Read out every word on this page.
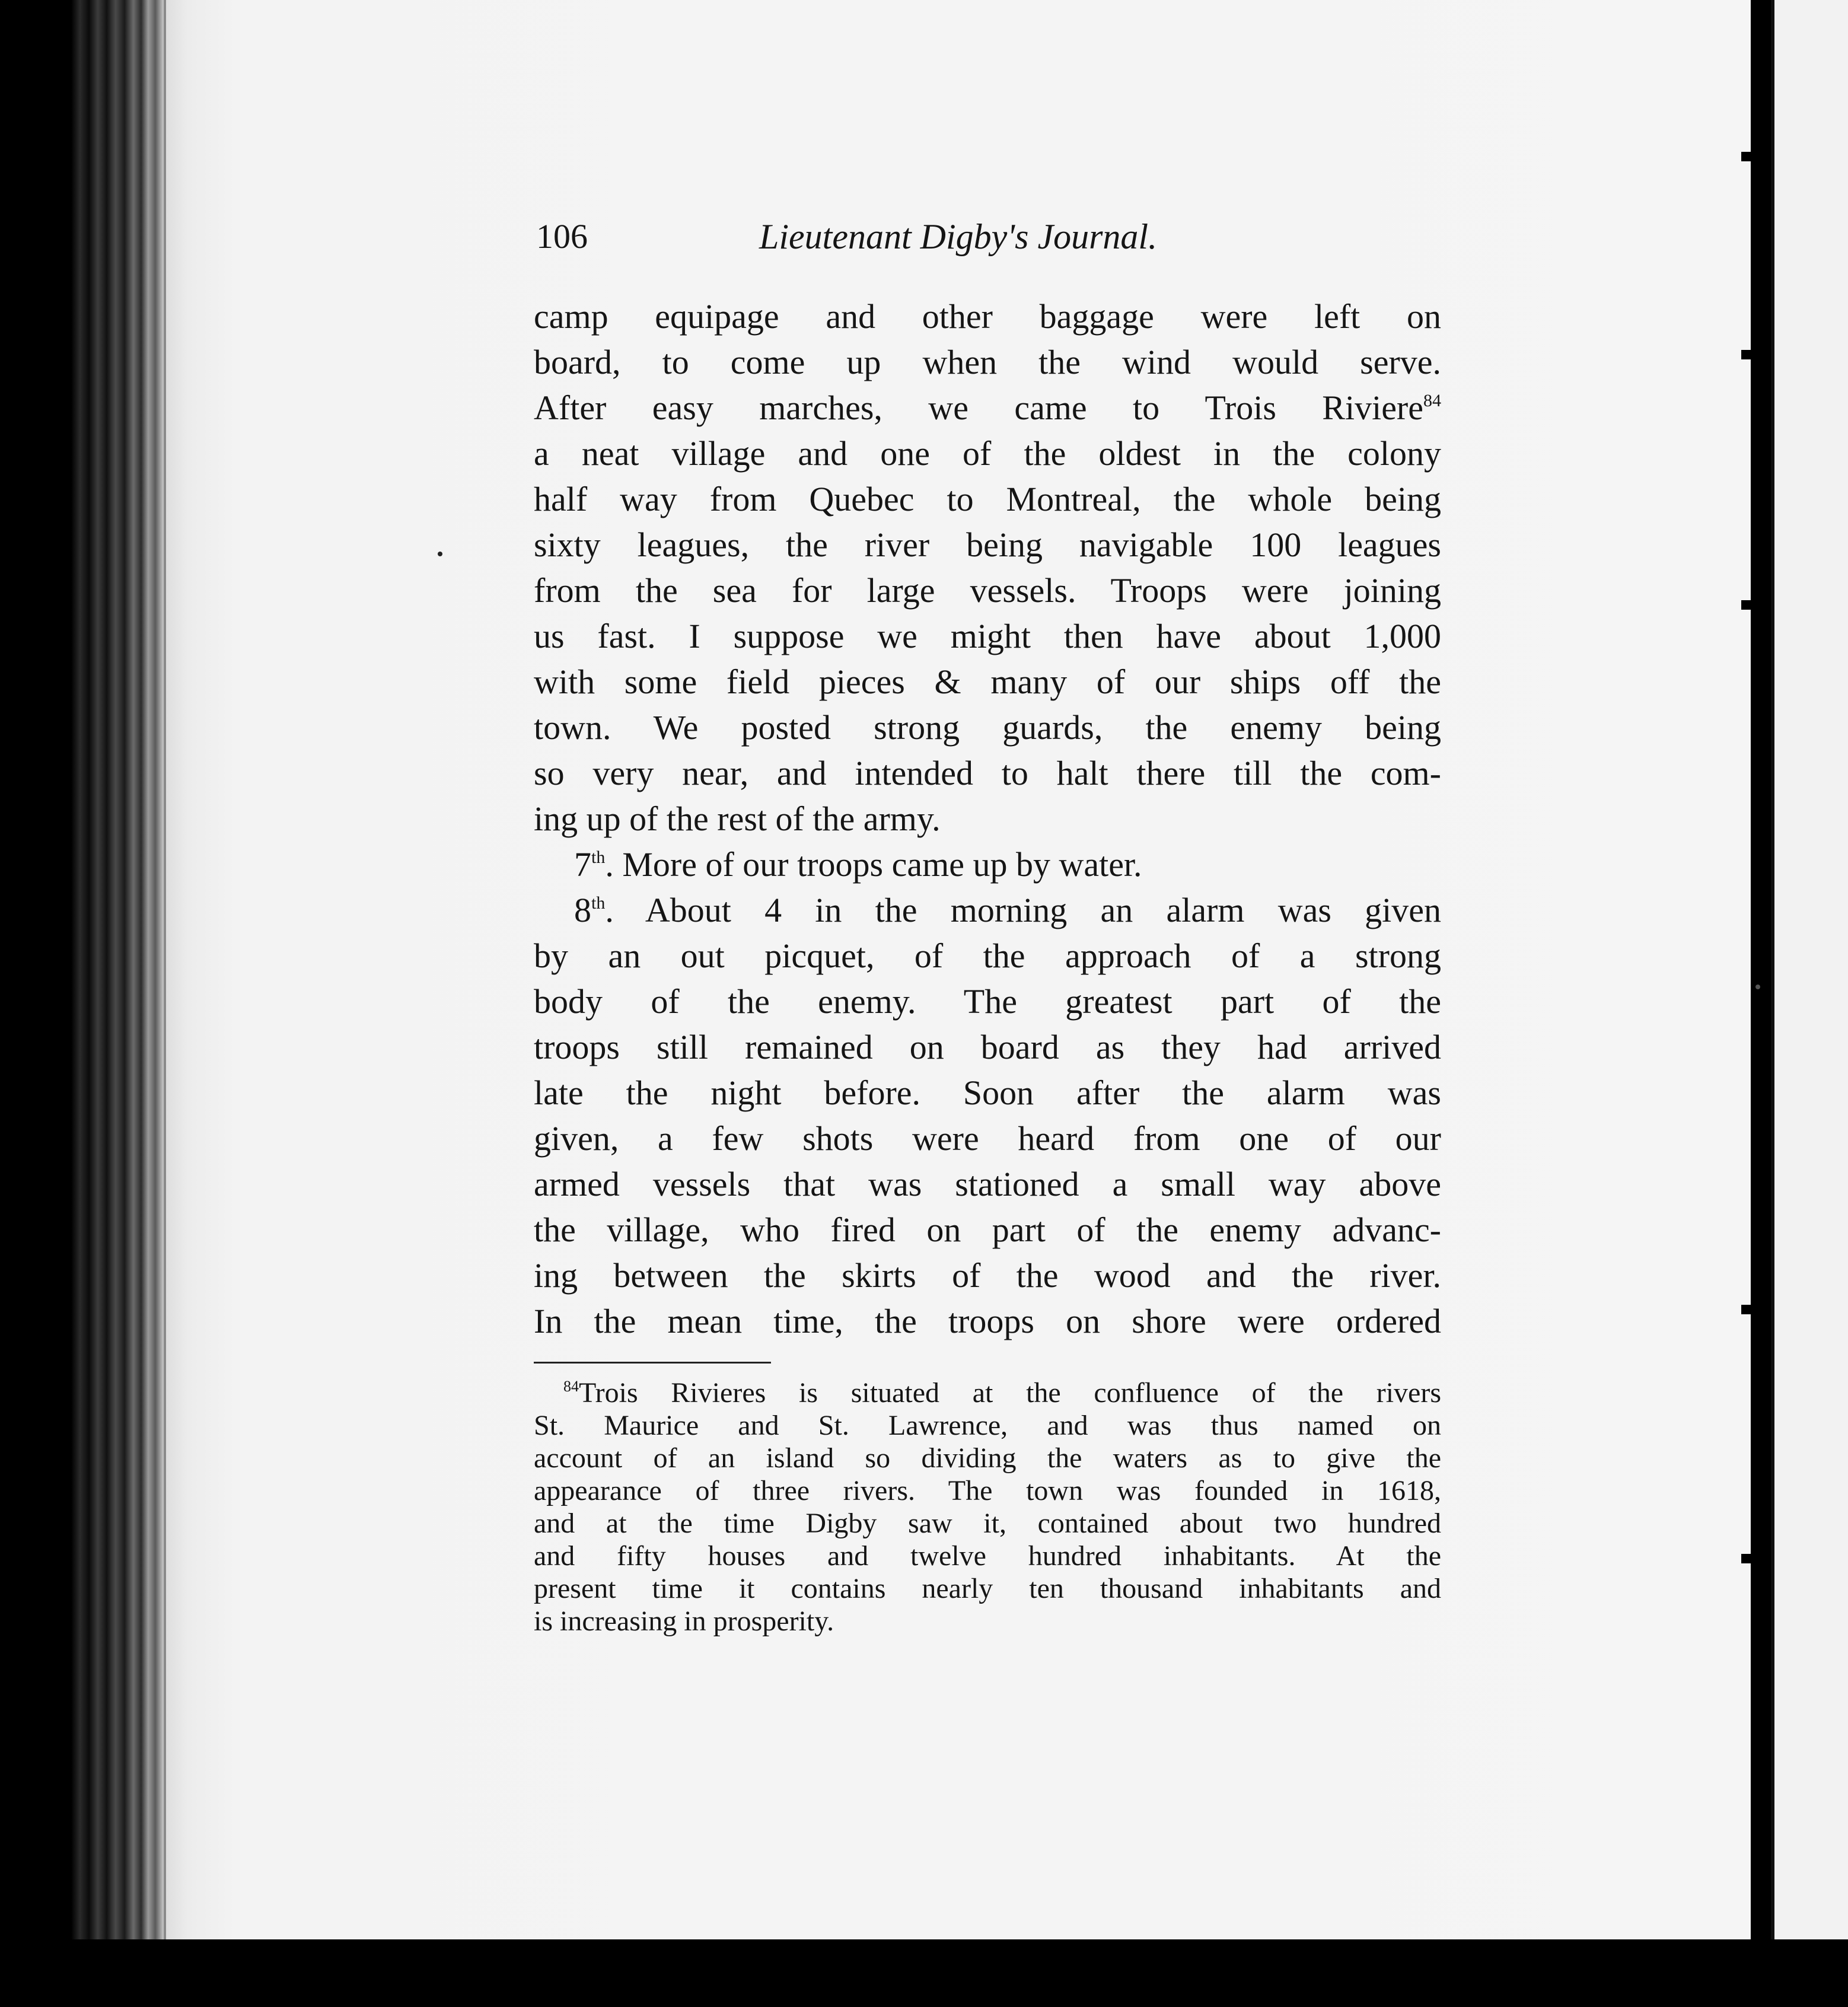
106	Lieutenant Digby's Journal.
camp equipage and other baggage were left on
board, to come up when the wind would serve.
After easy marches, we came to Trois Riviere$^{84}$
a neat village and one of the oldest in the colony
half way from Quebec to Montreal, the whole being
sixty leagues, the river being navigable 100 leagues
from the sea for large vessels. Troops were joining
us fast. I suppose we might then have about 1,000
with some field pieces & many of our ships off the
town. We posted strong guards, the enemy being
so very near, and intended to halt there till the com-
ing up of the rest of the army.
7th. More of our troops came up by water.
8th. About 4 in the morning an alarm was given
by an out picquet, of the approach of a strong
body of the enemy. The greatest part of the
troops still remained on board as they had arrived
late the night before. Soon after the alarm was
given, a few shots were heard from one of our
armed vessels that was stationed a small way above
the village, who fired on part of the enemy advanc-
ing between the skirts of the wood and the river.
In the mean time, the troops on shore were ordered
$^{84}$Trois Rivieres is situated at the confluence of the rivers
St. Maurice and St. Lawrence, and was thus named on
account of an island so dividing the waters as to give the
appearance of three rivers. The town was founded in 1618,
and at the time Digby saw it, contained about two hundred
and fifty houses and twelve hundred inhabitants. At the
present time it contains nearly ten thousand inhabitants and
is increasing in prosperity.
